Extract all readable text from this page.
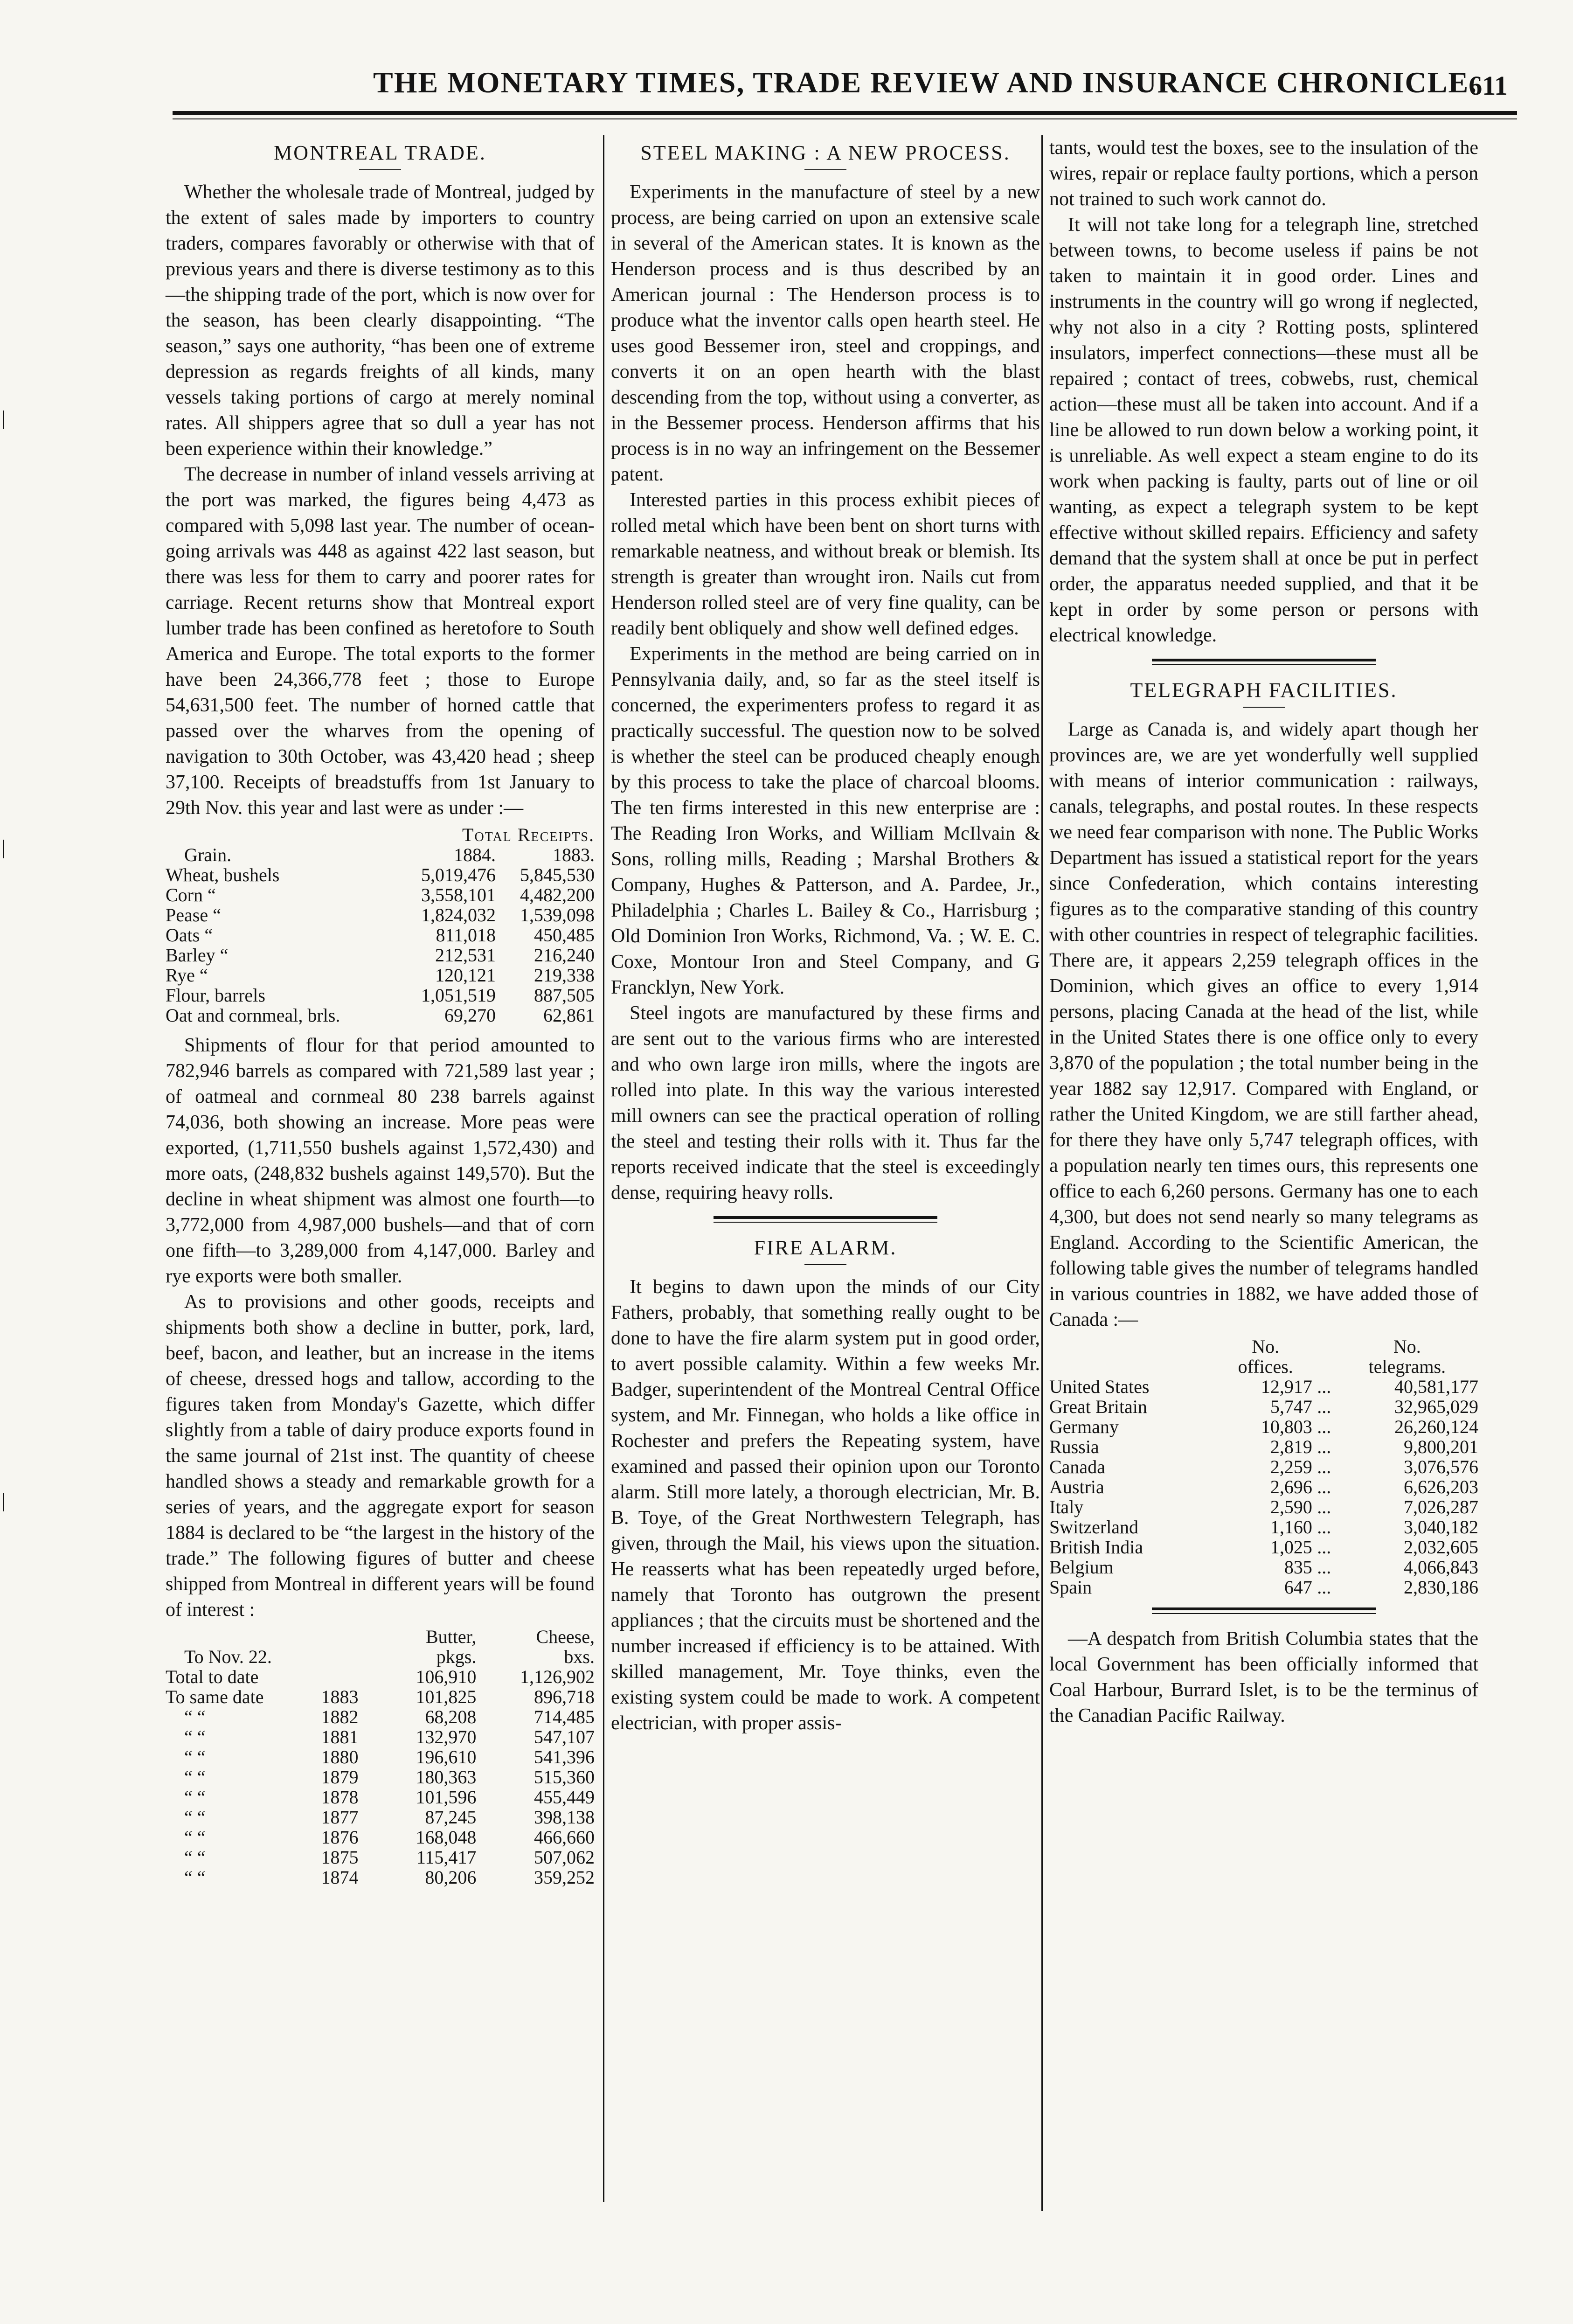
THE MONETARY TIMES, TRADE REVIEW AND INSURANCE CHRONICLE.
611
MONTREAL TRADE.

Whether the wholesale trade of Montreal, judged by the extent of sales made by importers to country traders, compares favorably or otherwise with that of previous years and there is diverse testimony as to this—the shipping trade of the port, which is now over for the season, has been clearly disappointing. “The season,” says one authority, “has been one of extreme depression as regards freights of all kinds, many vessels taking portions of cargo at merely nominal rates. All shippers agree that so dull a year has not been experience within their knowledge.”

The decrease in number of inland vessels arriving at the port was marked, the figures being 4,473 as compared with 5,098 last year. The number of ocean-going arrivals was 448 as against 422 last season, but there was less for them to carry and poorer rates for carriage. Recent returns show that Montreal export lumber trade has been confined as heretofore to South America and Europe. The total exports to the former have been 24,366,778 feet ; those to Europe 54,631,500 feet. The number of horned cattle that passed over the wharves from the opening of navigation to 30th October, was 43,420 head ; sheep 37,100. Receipts of breadstuffs from 1st January to 29th Nov. this year and last were as under :—

	Total Receipts.	
Grain.	1884.	1883.
Wheat, bushels	5,019,476	5,845,530
Corn “	3,558,101	4,482,200
Pease “	1,824,032	1,539,098
Oats “	811,018	450,485
Barley “	212,531	216,240
Rye “	120,121	219,338
Flour, barrels	1,051,519	887,505
Oat and cornmeal, brls.	69,270	62,861

Shipments of flour for that period amounted to 782,946 barrels as compared with 721,589 last year ; of oatmeal and cornmeal 80 238 barrels against 74,036, both showing an increase. More peas were exported, (1,711,550 bushels against 1,572,430) and more oats, (248,832 bushels against 149,570). But the decline in wheat shipment was almost one fourth—to 3,772,000 from 4,987,000 bushels—and that of corn one fifth—to 3,289,000 from 4,147,000. Barley and rye exports were both smaller.

As to provisions and other goods, receipts and shipments both show a decline in butter, pork, lard, beef, bacon, and leather, but an increase in the items of cheese, dressed hogs and tallow, according to the figures taken from Monday's Gazette, which differ slightly from a table of dairy produce exports found in the same journal of 21st inst. The quantity of cheese handled shows a steady and remarkable growth for a series of years, and the aggregate export for season 1884 is declared to be “the largest in the history of the trade.” The following figures of butter and cheese shipped from Montreal in different years will be found of interest :

		Butter,	Cheese,
To Nov. 22.		pkgs.	bxs.
Total to date		106,910	1,126,902
To same date	1883	101,825	896,718
“ “	1882	68,208	714,485
“ “	1881	132,970	547,107
“ “	1880	196,610	541,396
“ “	1879	180,363	515,360
“ “	1878	101,596	455,449
“ “	1877	87,245	398,138
“ “	1876	168,048	466,660
“ “	1875	115,417	507,062
“ “	1874	80,206	359,252
STEEL MAKING : A NEW PROCESS.

Experiments in the manufacture of steel by a new process, are being carried on upon an extensive scale in several of the American states. It is known as the Henderson process and is thus described by an American journal : The Henderson process is to produce what the inventor calls open hearth steel. He uses good Bessemer iron, steel and croppings, and converts it on an open hearth with the blast descending from the top, without using a converter, as in the Bessemer process. Henderson affirms that his process is in no way an infringement on the Bessemer patent.

Interested parties in this process exhibit pieces of rolled metal which have been bent on short turns with remarkable neatness, and without break or blemish. Its strength is greater than wrought iron. Nails cut from Henderson rolled steel are of very fine quality, can be readily bent obliquely and show well defined edges.

Experiments in the method are being carried on in Pennsylvania daily, and, so far as the steel itself is concerned, the experimenters profess to regard it as practically successful. The question now to be solved is whether the steel can be produced cheaply enough by this process to take the place of charcoal blooms. The ten firms interested in this new enterprise are : The Reading Iron Works, and William McIlvain & Sons, rolling mills, Reading ; Marshal Brothers & Company, Hughes & Patterson, and A. Pardee, Jr., Philadelphia ; Charles L. Bailey & Co., Harrisburg ; Old Dominion Iron Works, Richmond, Va. ; W. E. C. Coxe, Montour Iron and Steel Company, and G Francklyn, New York.

Steel ingots are manufactured by these firms and are sent out to the various firms who are interested and who own large iron mills, where the ingots are rolled into plate. In this way the various interested mill owners can see the practical operation of rolling the steel and testing their rolls with it. Thus far the reports received indicate that the steel is exceedingly dense, requiring heavy rolls.

FIRE ALARM.

It begins to dawn upon the minds of our City Fathers, probably, that something really ought to be done to have the fire alarm system put in good order, to avert possible calamity. Within a few weeks Mr. Badger, superintendent of the Montreal Central Office system, and Mr. Finnegan, who holds a like office in Rochester and prefers the Repeating system, have examined and passed their opinion upon our Toronto alarm. Still more lately, a thorough electrician, Mr. B. B. Toye, of the Great Northwestern Telegraph, has given, through the Mail, his views upon the situation. He reasserts what has been repeatedly urged before, namely that Toronto has outgrown the present appliances ; that the circuits must be shortened and the number increased if efficiency is to be attained. With skilled management, Mr. Toye thinks, even the existing system could be made to work. A competent electrician, with proper assis-

tants, would test the boxes, see to the insulation of the wires, repair or replace faulty portions, which a person not trained to such work cannot do.

It will not take long for a telegraph line, stretched between towns, to become useless if pains be not taken to maintain it in good order. Lines and instruments in the country will go wrong if neglected, why not also in a city ? Rotting posts, splintered insulators, imperfect connections—these must all be repaired ; contact of trees, cobwebs, rust, chemical action—these must all be taken into account. And if a line be allowed to run down below a working point, it is unreliable. As well expect a steam engine to do its work when packing is faulty, parts out of line or oil wanting, as expect a telegraph system to be kept effective without skilled repairs. Efficiency and safety demand that the system shall at once be put in perfect order, the apparatus needed supplied, and that it be kept in order by some person or persons with electrical knowledge.

TELEGRAPH FACILITIES.

Large as Canada is, and widely apart though her provinces are, we are yet wonderfully well supplied with means of interior communication : railways, canals, telegraphs, and postal routes. In these respects we need fear comparison with none. The Public Works Department has issued a statistical report for the years since Confederation, which contains interesting figures as to the comparative standing of this country with other countries in respect of telegraphic facilities. There are, it appears 2,259 telegraph offices in the Dominion, which gives an office to every 1,914 persons, placing Canada at the head of the list, while in the United States there is one office only to every 3,870 of the population ; the total number being in the year 1882 say 12,917. Compared with England, or rather the United Kingdom, we are still farther ahead, for there they have only 5,747 telegraph offices, with a population nearly ten times ours, this represents one office to each 6,260 persons. Germany has one to each 4,300, but does not send nearly so many telegrams as England. According to the Scientific American, the following table gives the number of telegrams handled in various countries in 1882, we have added those of Canada :—

	No.		No.
	offices.		telegrams.
United States	12,917	...	40,581,177
Great Britain	5,747	...	32,965,029
Germany	10,803	...	26,260,124
Russia	2,819	...	9,800,201
Canada	2,259	...	3,076,576
Austria	2,696	...	6,626,203
Italy	2,590	...	7,026,287
Switzerland	1,160	...	3,040,182
British India	1,025	...	2,032,605
Belgium	835	...	4,066,843
Spain	647	...	2,830,186

—A despatch from British Columbia states that the local Government has been officially informed that Coal Harbour, Burrard Islet, is to be the terminus of the Canadian Pacific Railway.
